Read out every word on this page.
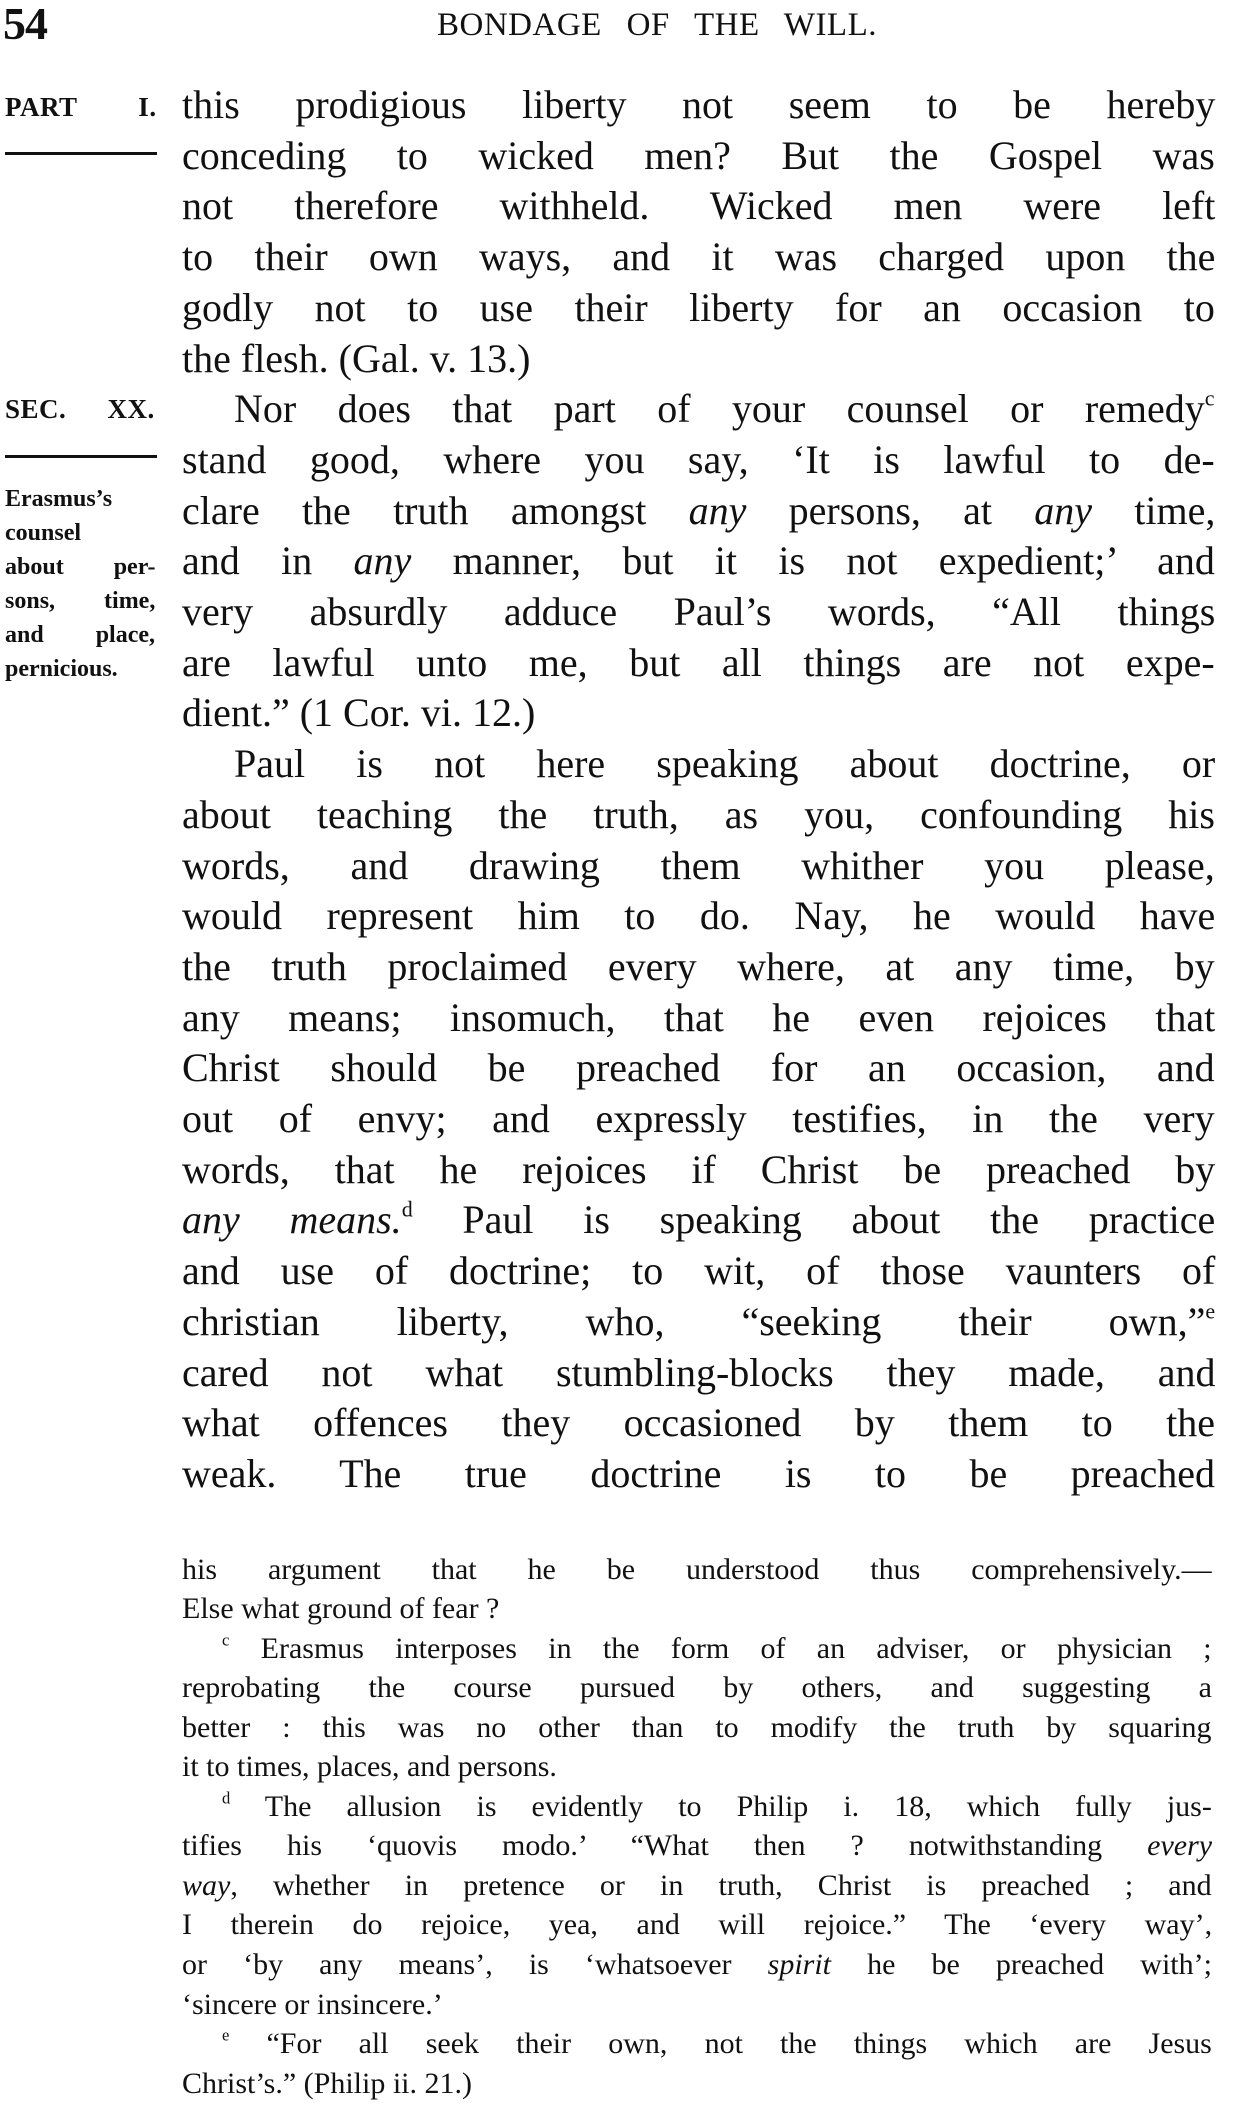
54	BONDAGE OF THE WILL.
PART I.
SEC. XX.
Erasmus’s
counsel
about per-
sons, time,
and place,
pernicious.
this prodigious liberty not seem to be hereby
conceding to wicked men? But the Gospel was
not therefore withheld. Wicked men were left
to their own ways, and it was charged upon the
godly not to use their liberty for an occasion to
the flesh. (Gal. v. 13.)
Nor does that part of your counsel or remedy$^c$
stand good, where you say, ‘It is lawful to de-
clare the truth amongst any persons, at any time,
and in any manner, but it is not expedient;’ and
very absurdly adduce Paul’s words, “All things
are lawful unto me, but all things are not expe-
dient.” (1 Cor. vi. 12.)
Paul is not here speaking about doctrine, or
about teaching the truth, as you, confounding his
words, and drawing them whither you please,
would represent him to do. Nay, he would have
the truth proclaimed every where, at any time, by
any means; insomuch, that he even rejoices that
Christ should be preached for an occasion, and
out of envy; and expressly testifies, in the very
words, that he rejoices if Christ be preached by
any means.$^d$ Paul is speaking about the practice
and use of doctrine; to wit, of those vaunters of
christian liberty, who, “seeking their own,”$^e$
cared not what stumbling-blocks they made, and
what offences they occasioned by them to the
weak. The true doctrine is to be preached
his argument that he be understood thus comprehensively.—
Else what ground of fear ?
$^c$ Erasmus interposes in the form of an adviser, or physician ;
reprobating the course pursued by others, and suggesting a
better : this was no other than to modify the truth by squaring
it to times, places, and persons.
$^d$ The allusion is evidently to Philip i. 18, which fully jus-
tifies his ‘quovis modo.’ “What then ? notwithstanding every
way, whether in pretence or in truth, Christ is preached ; and
I therein do rejoice, yea, and will rejoice.” The ‘every way’,
or ‘by any means’, is ‘whatsoever spirit he be preached with’;
‘sincere or insincere.’
$^e$ “For all seek their own, not the things which are Jesus
Christ’s.” (Philip ii. 21.)
